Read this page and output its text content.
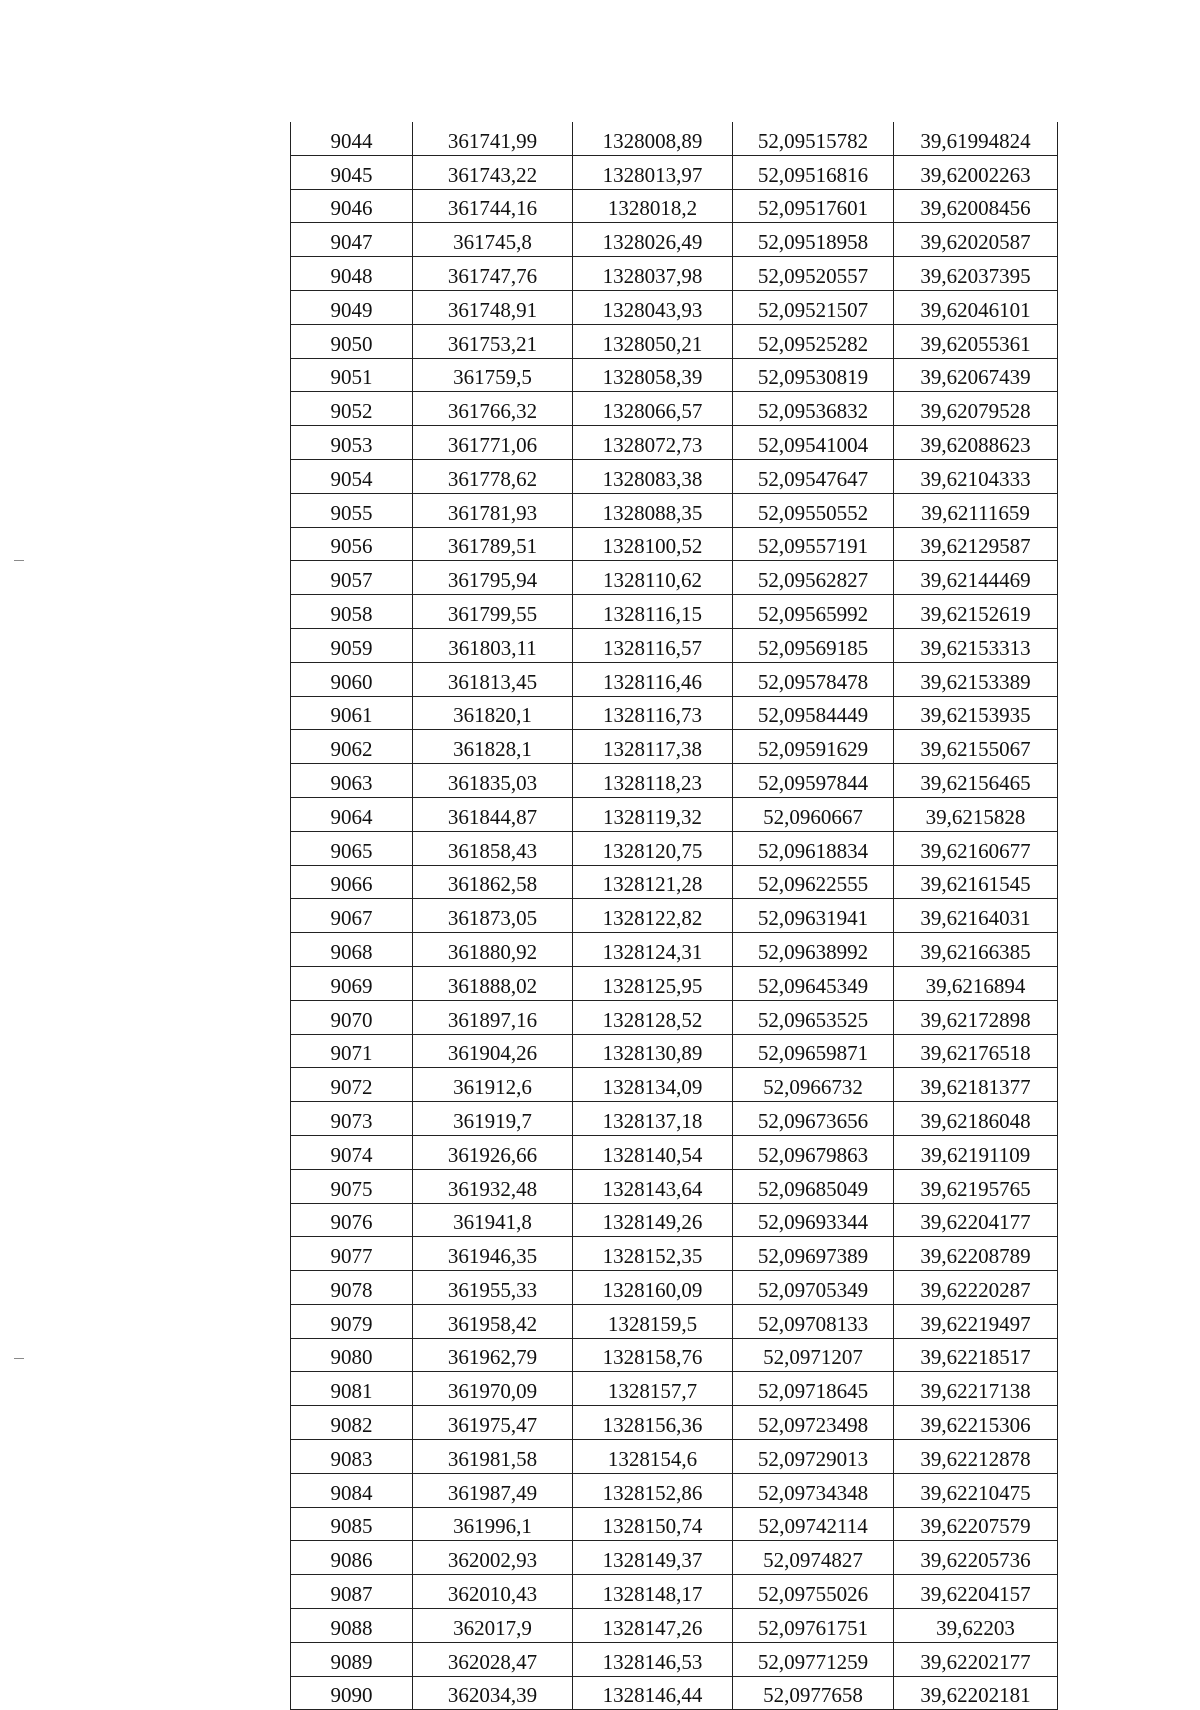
9044	361741,99	1328008,89	52,09515782	39,61994824
9045	361743,22	1328013,97	52,09516816	39,62002263
9046	361744,16	1328018,2	52,09517601	39,62008456
9047	361745,8	1328026,49	52,09518958	39,62020587
9048	361747,76	1328037,98	52,09520557	39,62037395
9049	361748,91	1328043,93	52,09521507	39,62046101
9050	361753,21	1328050,21	52,09525282	39,62055361
9051	361759,5	1328058,39	52,09530819	39,62067439
9052	361766,32	1328066,57	52,09536832	39,62079528
9053	361771,06	1328072,73	52,09541004	39,62088623
9054	361778,62	1328083,38	52,09547647	39,62104333
9055	361781,93	1328088,35	52,09550552	39,62111659
9056	361789,51	1328100,52	52,09557191	39,62129587
9057	361795,94	1328110,62	52,09562827	39,62144469
9058	361799,55	1328116,15	52,09565992	39,62152619
9059	361803,11	1328116,57	52,09569185	39,62153313
9060	361813,45	1328116,46	52,09578478	39,62153389
9061	361820,1	1328116,73	52,09584449	39,62153935
9062	361828,1	1328117,38	52,09591629	39,62155067
9063	361835,03	1328118,23	52,09597844	39,62156465
9064	361844,87	1328119,32	52,0960667	39,6215828
9065	361858,43	1328120,75	52,09618834	39,62160677
9066	361862,58	1328121,28	52,09622555	39,62161545
9067	361873,05	1328122,82	52,09631941	39,62164031
9068	361880,92	1328124,31	52,09638992	39,62166385
9069	361888,02	1328125,95	52,09645349	39,6216894
9070	361897,16	1328128,52	52,09653525	39,62172898
9071	361904,26	1328130,89	52,09659871	39,62176518
9072	361912,6	1328134,09	52,0966732	39,62181377
9073	361919,7	1328137,18	52,09673656	39,62186048
9074	361926,66	1328140,54	52,09679863	39,62191109
9075	361932,48	1328143,64	52,09685049	39,62195765
9076	361941,8	1328149,26	52,09693344	39,62204177
9077	361946,35	1328152,35	52,09697389	39,62208789
9078	361955,33	1328160,09	52,09705349	39,62220287
9079	361958,42	1328159,5	52,09708133	39,62219497
9080	361962,79	1328158,76	52,0971207	39,62218517
9081	361970,09	1328157,7	52,09718645	39,62217138
9082	361975,47	1328156,36	52,09723498	39,62215306
9083	361981,58	1328154,6	52,09729013	39,62212878
9084	361987,49	1328152,86	52,09734348	39,62210475
9085	361996,1	1328150,74	52,09742114	39,62207579
9086	362002,93	1328149,37	52,0974827	39,62205736
9087	362010,43	1328148,17	52,09755026	39,62204157
9088	362017,9	1328147,26	52,09761751	39,62203
9089	362028,47	1328146,53	52,09771259	39,62202177
9090	362034,39	1328146,44	52,0977658	39,62202181
